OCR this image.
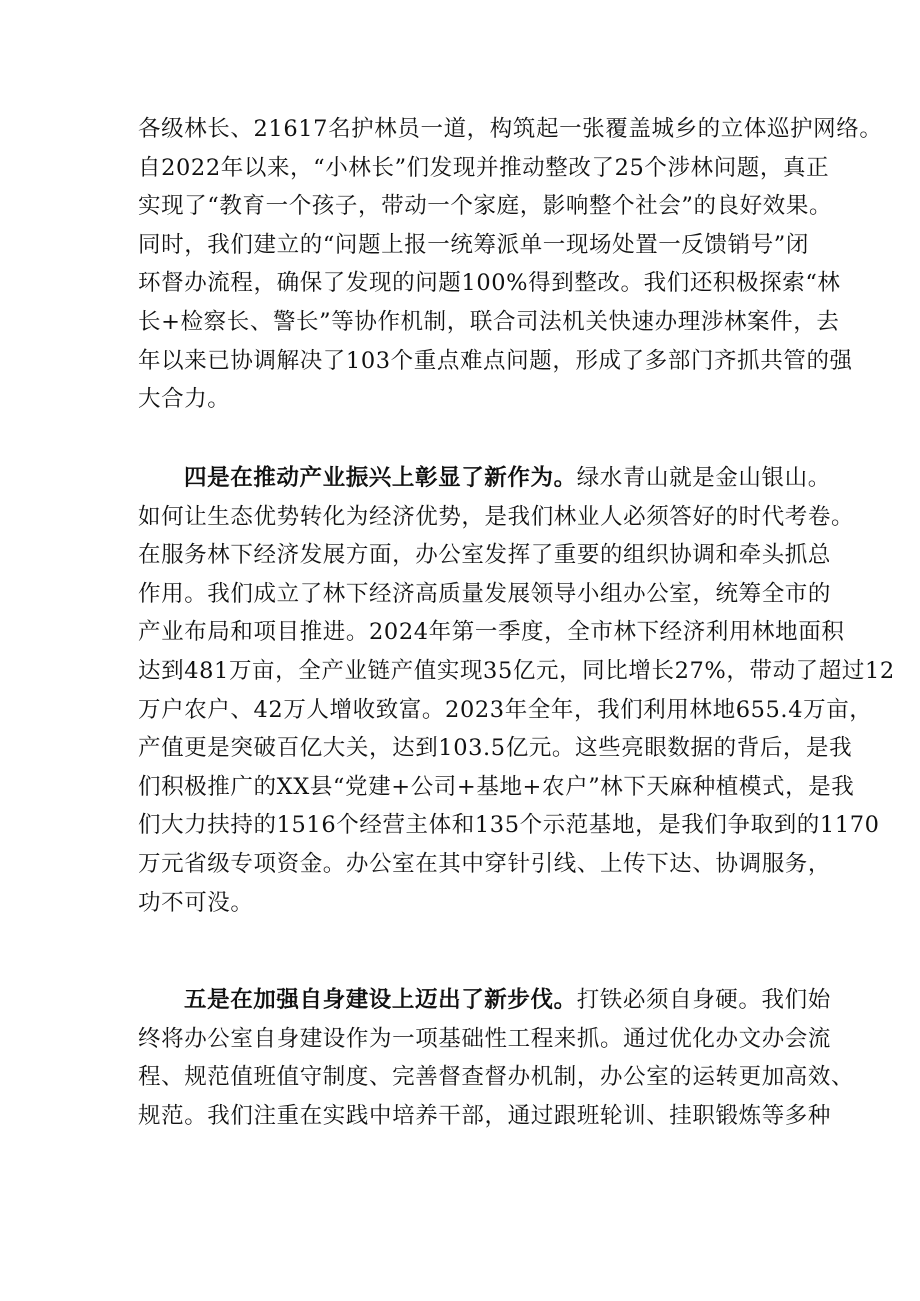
各级林长、21617名护林员一道，构筑起一张覆盖城乡的立体巡护网络。
自2022年以来，“小林长”们发现并推动整改了25个涉林问题，真正
实现了“教育一个孩子，带动一个家庭，影响整个社会”的良好效果。
同时，我们建立的“问题上报一统筹派单一现场处置一反馈销号”闭
环督办流程，确保了发现的问题100%得到整改。我们还积极探索“林
长+检察长、警长”等协作机制，联合司法机关快速办理涉林案件，去
年以来已协调解决了103个重点难点问题，形成了多部门齐抓共管的强
大合力。
四是在推动产业振兴上彰显了新作为。绿水青山就是金山银山。
如何让生态优势转化为经济优势，是我们林业人必须答好的时代考卷。
在服务林下经济发展方面，办公室发挥了重要的组织协调和牵头抓总
作用。我们成立了林下经济高质量发展领导小组办公室，统筹全市的
产业布局和项目推进。2024年第一季度，全市林下经济利用林地面积
达到481万亩，全产业链产值实现35亿元，同比增长27%，带动了超过12
万户农户、42万人增收致富。2023年全年，我们利用林地655.4万亩，
产值更是突破百亿大关，达到103.5亿元。这些亮眼数据的背后，是我
们积极推广的XX县“党建+公司+基地+农户”林下天麻种植模式，是我
们大力扶持的1516个经营主体和135个示范基地，是我们争取到的1170
万元省级专项资金。办公室在其中穿针引线、上传下达、协调服务，
功不可没。
五是在加强自身建设上迈出了新步伐。打铁必须自身硬。我们始
终将办公室自身建设作为一项基础性工程来抓。通过优化办文办会流
程、规范值班值守制度、完善督查督办机制，办公室的运转更加高效、
规范。我们注重在实践中培养干部，通过跟班轮训、挂职锻炼等多种
